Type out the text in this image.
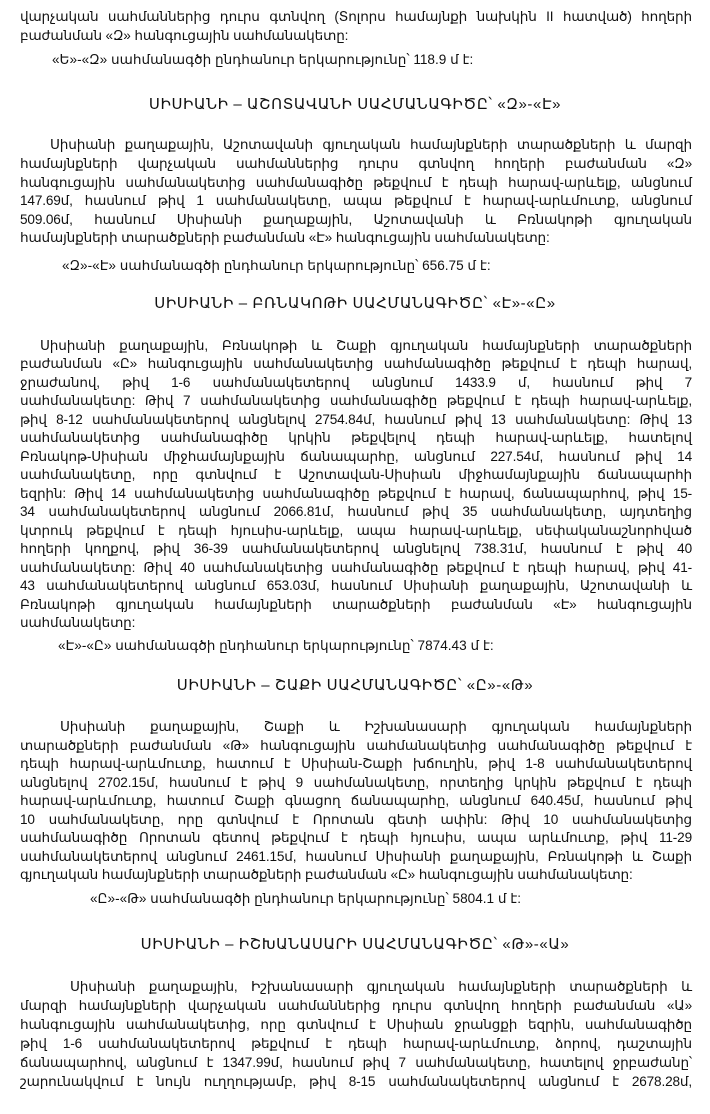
վարչական սահմաններից դուրս գտնվող (Տոլորս համայնքի նախկին II հատված) հողերի
բաժանման «Զ» հանգուցային սահմանակետը:
«Ե»-«Զ» սահմանագծի ընդհանուր երկարությունը՝ 118.9 մ է:
ՍԻՍԻԱՆԻ – ԱՇՈՏԱՎԱՆԻ ՍԱՀՄԱՆԱԳԻԾԸ՝ «Զ»-«Է»
Սիսիանի քաղաքային, Աշոտավանի գյուղական համայնքների տարածքների և մարզի
համայնքների վարչական սահմաններից դուրս գտնվող հողերի բաժանման «Զ»
հանգուցային սահմանակետից սահմանագիծը թեքվում է դեպի հարավ-արևելք, անցնում
147.69մ, հասնում թիվ 1 սահմանակետը, ապա թեքվում է հարավ-արևմուտք, անցնում
509.06մ, հասնում Սիսիանի քաղաքային, Աշոտավանի և Բռնակոթի գյուղական
համայնքների տարածքների բաժանման «Է» հանգուցային սահմանակետը:
«Զ»-«Է» սահմանագծի ընդհանուր երկարությունը՝ 656.75 մ է:
ՍԻՍԻԱՆԻ – ԲՌՆԱԿՈԹԻ ՍԱՀՄԱՆԱԳԻԾԸ՝ «Է»-«Ը»
Սիսիանի քաղաքային, Բռնակոթի և Շաքի գյուղական համայնքների տարածքների
բաժանման «Ը» հանգուցային սահմանակետից սահմանագիծը թեքվում է դեպի հարավ,
ջրաժանով, թիվ 1-6 սահմանակետերով անցնում 1433.9 մ, հասնում թիվ 7
սահմանակետը: Թիվ 7 սահմանակետից սահմանագիծը թեքվում է դեպի հարավ-արևելք,
թիվ 8-12 սահմանակետերով անցնելով 2754.84մ, հասնում թիվ 13 սահմանակետը: Թիվ 13
սահմանակետից սահմանագիծը կրկին թեքվելով դեպի հարավ-արևելք, հատելով
Բռնակոթ-Սիսիան միջհամայնքային ճանապարհը, անցնում 227.54մ, հասնում թիվ 14
սահմանակետը, որը գտնվում է Աշոտավան-Սիսիան միջհամայնքային ճանապարհի
եզրին: Թիվ 14 սահմանակետից սահմանագիծը թեքվում է հարավ, ճանապարհով, թիվ 15-
34 սահմանակետերով անցնում 2066.81մ, հասնում թիվ 35 սահմանակետը, այդտեղից
կտրուկ թեքվում է դեպի հյուսիս-արևելք, ապա հարավ-արևելք, սեփականաշնորհված
հողերի կողքով, թիվ 36-39 սահմանակետերով անցնելով 738.31մ, հասնում է թիվ 40
սահմանակետը: Թիվ 40 սահմանակետից սահմանագիծը թեքվում է դեպի հարավ, թիվ 41-
43 սահմանակետերով անցնում 653.03մ, հասնում Սիսիանի քաղաքային, Աշոտավանի և
Բռնակոթի գյուղական համայնքների տարածքների բաժանման «Է» հանգուցային
սահմանակետը:
«Է»-«Ը» սահմանագծի ընդհանուր երկարությունը՝ 7874.43 մ է:
ՍԻՍԻԱՆԻ – ՇԱՔԻ ՍԱՀՄԱՆԱԳԻԾԸ՝ «Ը»-«Թ»
Սիսիանի քաղաքային, Շաքի և Իշխանասարի գյուղական համայնքների
տարածքների բաժանման «Թ» հանգուցային սահմանակետից սահմանագիծը թեքվում է
դեպի հարավ-արևմուտք, հատում է Սիսիան-Շաքի խճուղին, թիվ 1-8 սահմանակետերով
անցնելով 2702.15մ, հասնում է թիվ 9 սահմանակետը, որտեղից կրկին թեքվում է դեպի
հարավ-արևմուտք, հատում Շաքի գնացող ճանապարհը, անցնում 640.45մ, հասնում թիվ
10 սահմանակետը, որը գտնվում է Որոտան գետի ափին: Թիվ 10 սահմանակետից
սահմանագիծը Որոտան գետով թեքվում է դեպի հյուսիս, ապա արևմուտք, թիվ 11-29
սահմանակետերով անցնում 2461.15մ, հասնում Սիսիանի քաղաքային, Բռնակոթի և Շաքի
գյուղական համայնքների տարածքների բաժանման «Ը» հանգուցային սահմանակետը:
«Ը»-«Թ» սահմանագծի ընդհանուր երկարությունը՝ 5804.1 մ է:
ՍԻՍԻԱՆԻ – ԻՇԽԱՆԱՍԱՐԻ ՍԱՀՄԱՆԱԳԻԾԸ՝ «Թ»-«Ա»
Սիսիանի քաղաքային, Իշխանասարի գյուղական համայնքների տարածքների և
մարզի համայնքների վարչական սահմաններից դուրս գտնվող հողերի բաժանման «Ա»
հանգուցային սահմանակետից, որը գտնվում է Սիսիան ջրանցքի եզրին, սահմանագիծը
թիվ 1-6 սահմանակետերով թեքվում է դեպի հարավ-արևմուտք, ձորով, դաշտային
ճանապարհով, անցնում է 1347.99մ, հասնում թիվ 7 սահմանակետը, հատելով ջրբաժանը՝
շարունակվում է նույն ուղղությամբ, թիվ 8-15 սահմանակետերով անցնում է 2678.28մ,
